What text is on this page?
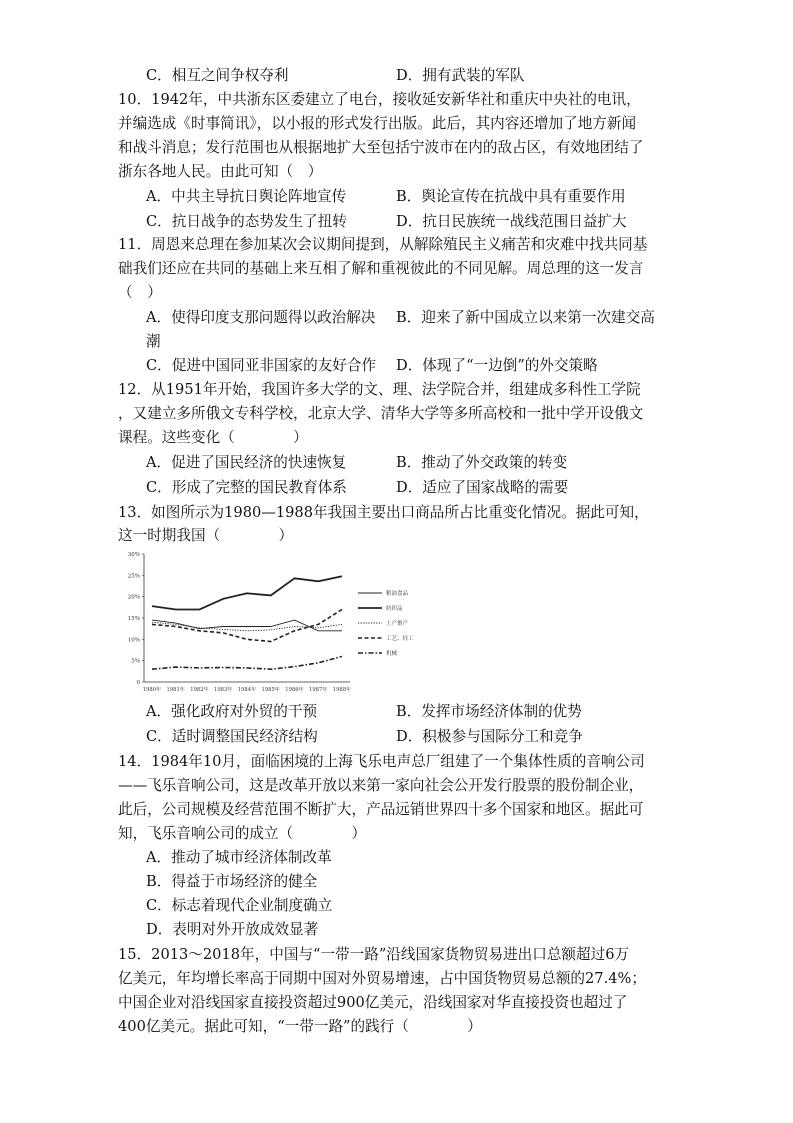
C．相互之间争权夺利	D．拥有武装的军队
10．1942年，中共浙东区委建立了电台，接收延安新华社和重庆中央社的电讯，
并编选成《时事简讯》，以小报的形式发行出版。此后，其内容还增加了地方新闻
和战斗消息；发行范围也从根据地扩大至包括宁波市在内的敌占区，有效地团结了
浙东各地人民。由此可知（　）
A．中共主导抗日舆论阵地宣传	B．舆论宣传在抗战中具有重要作用
C．抗日战争的态势发生了扭转	D．抗日民族统一战线范围日益扩大
11．周恩来总理在参加某次会议期间提到，从解除殖民主义痛苦和灾难中找共同基
础我们还应在共同的基础上来互相了解和重视彼此的不同见解。周总理的这一发言
（　）
A．使得印度支那问题得以政治解决 B．迎来了新中国成立以来第一次建交高
潮
C．促进中国同亚非国家的友好合作 D．体现了“一边倒”的外交策略
12．从1951年开始，我国许多大学的文、理、法学院合并，组建成多科性工学院
，又建立多所俄文专科学校，北京大学、清华大学等多所高校和一批中学开设俄文
课程。这些变化（　　　　）
A．促进了国民经济的快速恢复	B．推动了外交政策的转变
C．形成了完整的国民教育体系	D．适应了国家战略的需要
13．如图所示为1980—1988年我国主要出口商品所占比重变化情况。据此可知，
这一时期我国（　　　　）
0
5%
10%
15%
20%
25%
30%
1980年 1981年 1982年 1983年 1984年 1985年 1986年 1987年 1988年
粮油食品
纺织品
土产畜产
工艺、轻工
机械
A．强化政府对外贸的干预	B．发挥市场经济体制的优势
C．适时调整国民经济结构	D．积极参与国际分工和竞争
14．1984年10月，面临困境的上海飞乐电声总厂组建了一个集体性质的音响公司
——飞乐音响公司，这是改革开放以来第一家向社会公开发行股票的股份制企业，
此后，公司规模及经营范围不断扩大，产品远销世界四十多个国家和地区。据此可
知，飞乐音响公司的成立（　　　　）
A．推动了城市经济体制改革
B．得益于市场经济的健全
C．标志着现代企业制度确立
D．表明对外开放成效显著
15．2013～2018年，中国与“一带一路”沿线国家货物贸易进出口总额超过6万
亿美元，年均增长率高于同期中国对外贸易增速，占中国货物贸易总额的27.4%；
中国企业对沿线国家直接投资超过900亿美元，沿线国家对华直接投资也超过了
400亿美元。据此可知，“一带一路”的践行（　　　　）
